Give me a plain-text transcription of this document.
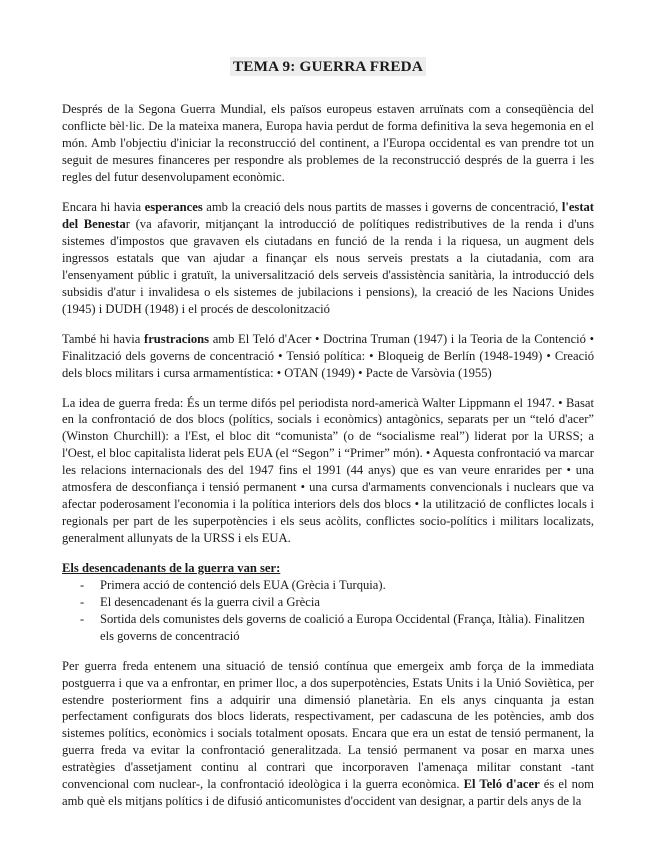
TEMA 9: GUERRA FREDA

Després de la Segona Guerra Mundial, els països europeus estaven arruïnats com a conseqüència del conflicte bèl·lic. De la mateixa manera, Europa havia perdut de forma definitiva la seva hegemonia en el món. Amb l'objectiu d'iniciar la reconstrucció del continent, a l'Europa occidental es van prendre tot un seguit de mesures financeres per respondre als problemes de la reconstrucció després de la guerra i les regles del futur desenvolupament econòmic.

Encara hi havia esperances amb la creació dels nous partits de masses i governs de concentració, l'estat del Benestar (va afavorir, mitjançant la introducció de polítiques redistributives de la renda i d'uns sistemes d'impostos que gravaven els ciutadans en funció de la renda i la riquesa, un augment dels ingressos estatals que van ajudar a finançar els nous serveis prestats a la ciutadania, com ara l'ensenyament públic i gratuït, la universalització dels serveis d'assistència sanitària, la introducció dels subsidis d'atur i invalidesa o els sistemes de jubilacions i pensions), la creació de les Nacions Unides (1945) i DUDH (1948) i el procés de descolonització

També hi havia frustracions amb El Teló d'Acer • Doctrina Truman (1947) i la Teoria de la Contenció • Finalització dels governs de concentració • Tensió política: • Bloqueig de Berlín (1948-1949) • Creació dels blocs militars i cursa armamentística: • OTAN (1949) • Pacte de Varsòvia (1955)

La idea de guerra freda: És un terme difós pel periodista nord-americà Walter Lippmann el 1947. • Basat en la confrontació de dos blocs (polítics, socials i econòmics) antagònics, separats per un “teló d'acer” (Winston Churchill): a l'Est, el bloc dit “comunista” (o de “socialisme real”) liderat por la URSS; a l'Oest, el bloc capitalista liderat pels EUA (el “Segon” i “Primer” món). • Aquesta confrontació va marcar les relacions internacionals des del 1947 fins el 1991 (44 anys) que es van veure enrarides per • una atmosfera de desconfiança i tensió permanent • una cursa d'armaments convencionals i nuclears que va afectar poderosament l'economia i la política interiors dels dos blocs • la utilització de conflictes locals i regionals per part de les superpotències i els seus acòlits, conflictes socio-polítics i militars localizats, generalment allunyats de la URSS i els EUA.

Els desencadenants de la guerra van ser:

- Primera acció de contenció dels EUA (Grècia i Turquia).
- El desencadenant és la guerra civil a Grècia
- Sortida dels comunistes dels governs de coalició a Europa Occidental (França, Itàlia). Finalitzen els governs de concentració

Per guerra freda entenem una situació de tensió contínua que emergeix amb força de la immediata postguerra i que va a enfrontar, en primer lloc, a dos superpotències, Estats Units i la Unió Soviètica, per estendre posteriorment fins a adquirir una dimensió planetària. En els anys cinquanta ja estan perfectament configurats dos blocs liderats, respectivament, per cadascuna de les potències, amb dos sistemes polítics, econòmics i socials totalment oposats. Encara que era un estat de tensió permanent, la guerra freda va evitar la confrontació generalitzada. La tensió permanent va posar en marxa unes estratègies d'assetjament continu al contrari que incorporaven l'amenaça militar constant -tant convencional com nuclear-, la confrontació ideològica i la guerra econòmica. El Teló d'acer és el nom amb què els mitjans polítics i de difusió anticomunistes d'occident van designar, a partir dels anys de la
